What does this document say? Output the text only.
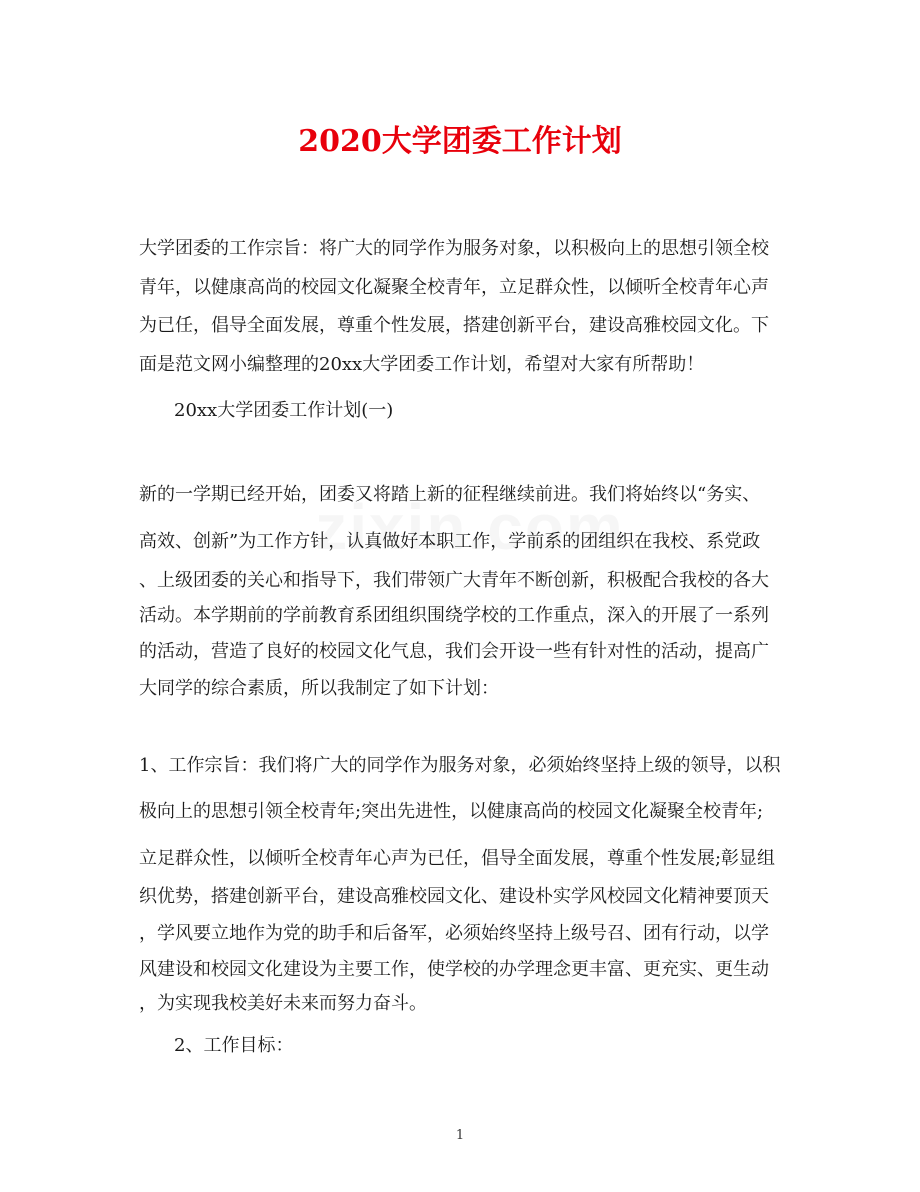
2020大学团委工作计划

大学团委的工作宗旨：将广大的同学作为服务对象，以积极向上的思想引领全校

青年，以健康高尚的校园文化凝聚全校青年，立足群众性，以倾听全校青年心声

为已任，倡导全面发展，尊重个性发展，搭建创新平台，建设高雅校园文化。下

面是范文网小编整理的20xx大学团委工作计划，希望对大家有所帮助！

20xx大学团委工作计划(一)

新的一学期已经开始，团委又将踏上新的征程继续前进。我们将始终以“务实、

高效、创新”为工作方针，认真做好本职工作，学前系的团组织在我校、系党政

、上级团委的关心和指导下，我们带领广大青年不断创新，积极配合我校的各大

活动。本学期前的学前教育系团组织围绕学校的工作重点，深入的开展了一系列

的活动，营造了良好的校园文化气息，我们会开设一些有针对性的活动，提高广

大同学的综合素质，所以我制定了如下计划：

1、工作宗旨：我们将广大的同学作为服务对象，必须始终坚持上级的领导，以积

极向上的思想引领全校青年;突出先进性，以健康高尚的校园文化凝聚全校青年;

立足群众性，以倾听全校青年心声为已任，倡导全面发展，尊重个性发展;彰显组

织优势，搭建创新平台，建设高雅校园文化、建设朴实学风校园文化精神要顶天

，学风要立地作为党的助手和后备军，必须始终坚持上级号召、团有行动，以学

风建设和校园文化建设为主要工作，使学校的办学理念更丰富、更充实、更生动

，为实现我校美好未来而努力奋斗。

2、工作目标：

1
